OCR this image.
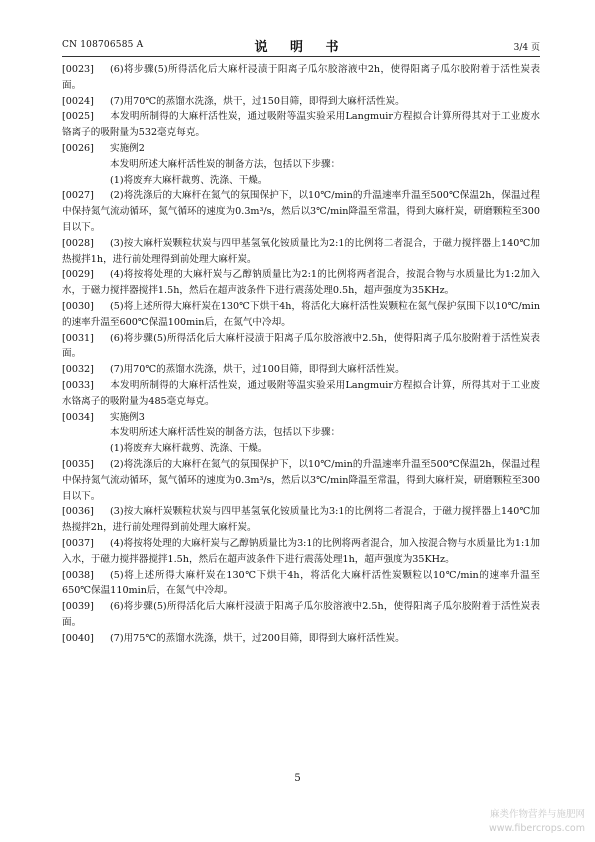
CN 108706585 A	说 明 书	3/4 页

[0023] (6)将步骤(5)所得活化后大麻杆浸渍于阳离子瓜尔胶溶液中2h，使得阳离子瓜尔胶附着于活性炭表面。

[0024] (7)用70℃的蒸馏水洗涤，烘干，过150目筛，即得到大麻杆活性炭。

[0025] 本发明所制得的大麻杆活性炭，通过吸附等温实验采用Langmuir方程拟合计算所得其对于工业废水铬离子的吸附量为532毫克每克。

[0026] 实施例2

本发明所述大麻杆活性炭的制备方法，包括以下步骤：

(1)将废弃大麻杆裁剪、洗涤、干燥。

[0027] (2)将洗涤后的大麻杆在氮气的氛围保护下，以10℃/min的升温速率升温至500℃保温2h，保温过程中保持氮气流动循环，氮气循环的速度为0.3m³/s，然后以3℃/min降温至常温，得到大麻杆炭，研磨颗粒至300目以下。

[0028] (3)按大麻杆炭颗粒状炭与四甲基氢氧化铵质量比为2:1的比例将二者混合，于磁力搅拌器上140℃加热搅拌1h，进行前处理得到前处理大麻杆炭。

[0029] (4)将按将处理的大麻杆炭与乙醇钠质量比为2:1的比例将两者混合，按混合物与水质量比为1:2加入水，于磁力搅拌器搅拌1.5h，然后在超声波条件下进行震荡处理0.5h，超声强度为35KHz。

[0030] (5)将上述所得大麻杆炭在130℃下烘干4h，将活化大麻杆活性炭颗粒在氮气保护氛围下以10℃/min的速率升温至600℃保温100min后，在氮气中冷却。

[0031] (6)将步骤(5)所得活化后大麻杆浸渍于阳离子瓜尔胶溶液中2.5h，使得阳离子瓜尔胶附着于活性炭表面。

[0032] (7)用70℃的蒸馏水洗涤，烘干，过100目筛，即得到大麻杆活性炭。

[0033] 本发明所制得的大麻杆活性炭，通过吸附等温实验采用Langmuir方程拟合计算，所得其对于工业废水铬离子的吸附量为485毫克每克。

[0034] 实施例3

本发明所述大麻杆活性炭的制备方法，包括以下步骤：

(1)将废弃大麻杆裁剪、洗涤、干燥。

[0035] (2)将洗涤后的大麻杆在氮气的氛围保护下，以10℃/min的升温速率升温至500℃保温2h，保温过程中保持氮气流动循环，氮气循环的速度为0.3m³/s，然后以3℃/min降温至常温，得到大麻杆炭，研磨颗粒至300目以下。

[0036] (3)按大麻杆炭颗粒状炭与四甲基氢氧化铵质量比为3:1的比例将二者混合，于磁力搅拌器上140℃加热搅拌2h，进行前处理得到前处理大麻杆炭。

[0037] (4)将按将处理的大麻杆炭与乙醇钠质量比为3:1的比例将两者混合，加入按混合物与水质量比为1:1加入水，于磁力搅拌器搅拌1.5h，然后在超声波条件下进行震荡处理1h，超声强度为35KHz。

[0038] (5)将上述所得大麻杆炭在130℃下烘干4h，将活化大麻杆活性炭颗粒以10℃/min的速率升温至650℃保温110min后，在氮气中冷却。

[0039] (6)将步骤(5)所得活化后大麻杆浸渍于阳离子瓜尔胶溶液中2.5h，使得阳离子瓜尔胶附着于活性炭表面。

[0040] (7)用75℃的蒸馏水洗涤，烘干，过200目筛，即得到大麻杆活性炭。

5
麻类作物营养与施肥网
www.fibercrops.com
